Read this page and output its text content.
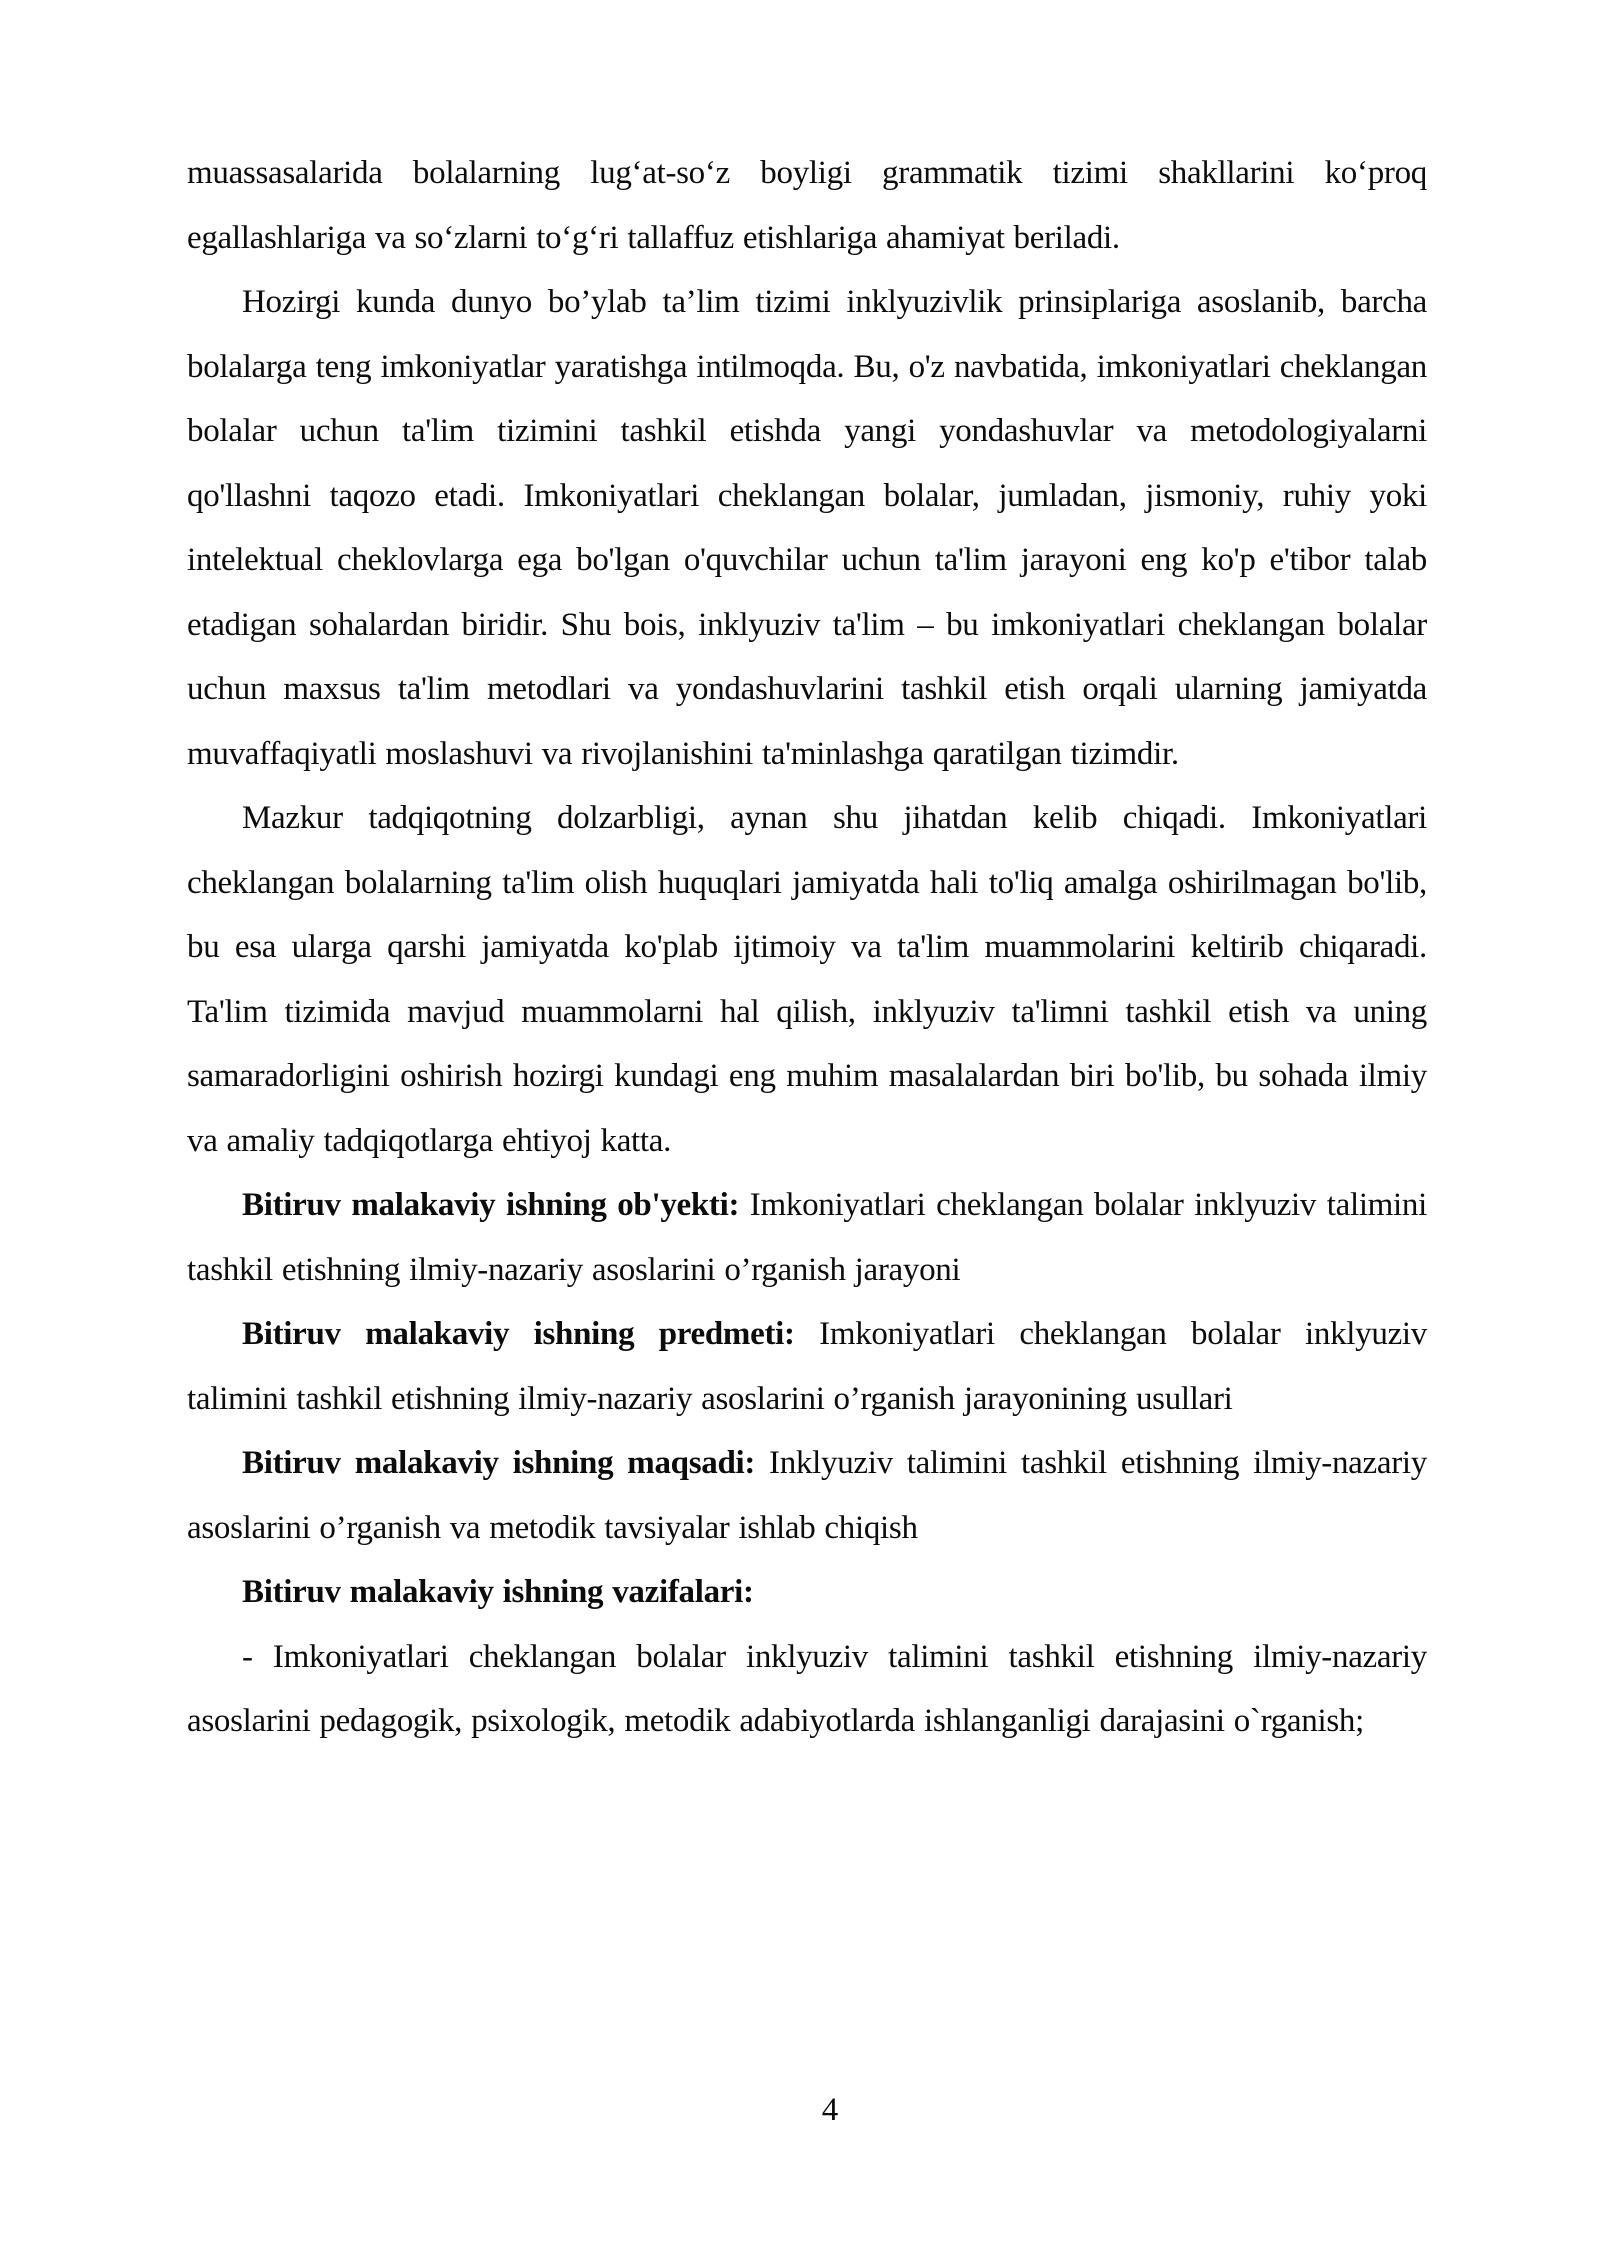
muassasalarida bolalarning lug‘at-so‘z boyligi grammatik tizimi shakllarini ko‘proq egallashlariga va so‘zlarni to‘g‘ri tallaffuz etishlariga ahamiyat beriladi.

Hozirgi kunda dunyo bo’ylab ta’lim tizimi inklyuzivlik prinsiplariga asoslanib, barcha bolalarga teng imkoniyatlar yaratishga intilmoqda. Bu, o'z navbatida, imkoniyatlari cheklangan bolalar uchun ta'lim tizimini tashkil etishda yangi yondashuvlar va metodologiyalarni qo'llashni taqozo etadi. Imkoniyatlari cheklangan bolalar, jumladan, jismoniy, ruhiy yoki intelektual cheklovlarga ega bo'lgan o'quvchilar uchun ta'lim jarayoni eng ko'p e'tibor talab etadigan sohalardan biridir. Shu bois, inklyuziv ta'lim – bu imkoniyatlari cheklangan bolalar uchun maxsus ta'lim metodlari va yondashuvlarini tashkil etish orqali ularning jamiyatda muvaffaqiyatli moslashuvi va rivojlanishini ta'minlashga qaratilgan tizimdir.

Mazkur tadqiqotning dolzarbligi, aynan shu jihatdan kelib chiqadi. Imkoniyatlari cheklangan bolalarning ta'lim olish huquqlari jamiyatda hali to'liq amalga oshirilmagan bo'lib, bu esa ularga qarshi jamiyatda ko'plab ijtimoiy va ta'lim muammolarini keltirib chiqaradi. Ta'lim tizimida mavjud muammolarni hal qilish, inklyuziv ta'limni tashkil etish va uning samaradorligini oshirish hozirgi kundagi eng muhim masalalardan biri bo'lib, bu sohada ilmiy va amaliy tadqiqotlarga ehtiyoj katta.

Bitiruv malakaviy ishning ob'yekti: Imkoniyatlari cheklangan bolalar inklyuziv talimini tashkil etishning ilmiy-nazariy asoslarini o’rganish jarayoni

Bitiruv malakaviy ishning predmeti: Imkoniyatlari cheklangan bolalar inklyuziv talimini tashkil etishning ilmiy-nazariy asoslarini o’rganish jarayonining usullari

Bitiruv malakaviy ishning maqsadi: Inklyuziv talimini tashkil etishning ilmiy-nazariy asoslarini o’rganish va metodik tavsiyalar ishlab chiqish

Bitiruv malakaviy ishning vazifalari:

- Imkoniyatlari cheklangan bolalar inklyuziv talimini tashkil etishning ilmiy-nazariy asoslarini pedagogik, psixologik, metodik adabiyotlarda ishlanganligi darajasini o`rganish;

4
